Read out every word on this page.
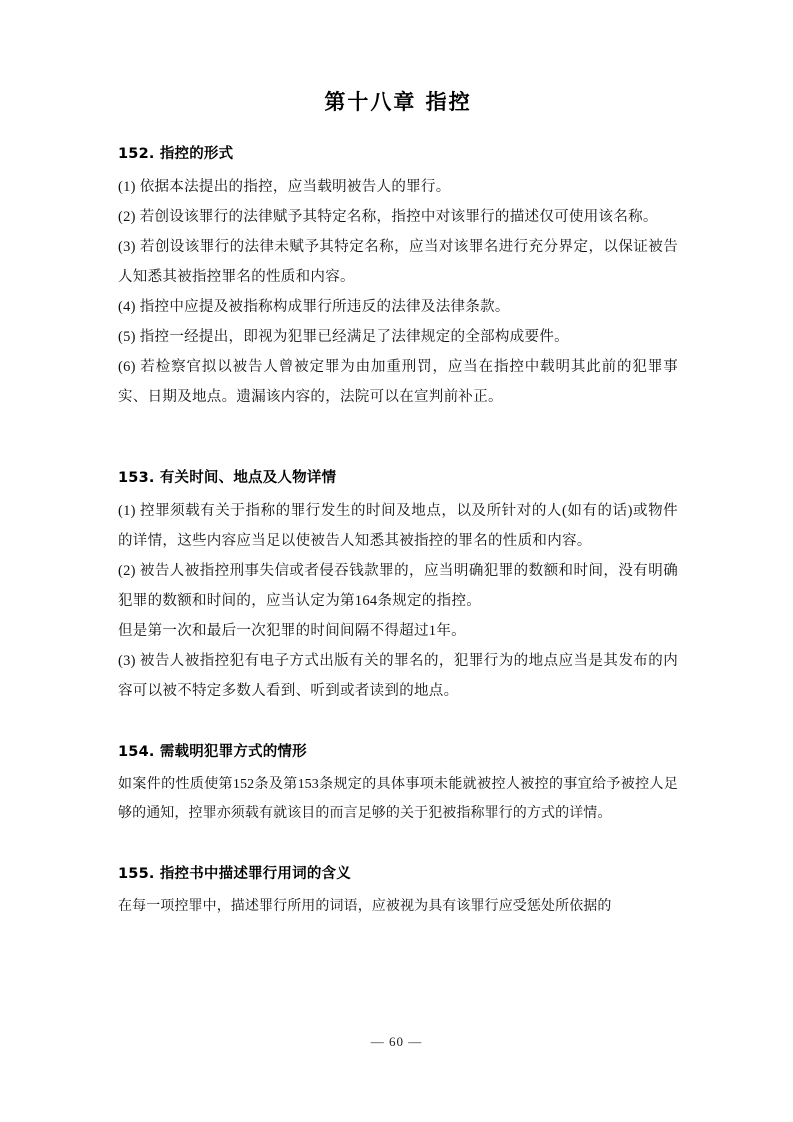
第十八章 指控
152. 指控的形式

(1) 依据本法提出的指控，应当载明被告人的罪行。

(2) 若创设该罪行的法律赋予其特定名称，指控中对该罪行的描述仅可使用该名称。

(3) 若创设该罪行的法律未赋予其特定名称，应当对该罪名进行充分界定，以保证被告人知悉其被指控罪名的性质和内容。

(4) 指控中应提及被指称构成罪行所违反的法律及法律条款。

(5) 指控一经提出，即视为犯罪已经满足了法律规定的全部构成要件。

(6) 若检察官拟以被告人曾被定罪为由加重刑罚，应当在指控中载明其此前的犯罪事实、日期及地点。遗漏该内容的，法院可以在宣判前补正。

153. 有关时间、地点及人物详情

(1) 控罪须载有关于指称的罪行发生的时间及地点，以及所针对的人(如有的话)或物件的详情，这些内容应当足以使被告人知悉其被指控的罪名的性质和内容。

(2) 被告人被指控刑事失信或者侵吞钱款罪的，应当明确犯罪的数额和时间，没有明确犯罪的数额和时间的，应当认定为第164条规定的指控。

但是第一次和最后一次犯罪的时间间隔不得超过1年。

(3) 被告人被指控犯有电子方式出版有关的罪名的，犯罪行为的地点应当是其发布的内容可以被不特定多数人看到、听到或者读到的地点。

154. 需载明犯罪方式的情形

如案件的性质使第152条及第153条规定的具体事项未能就被控人被控的事宜给予被控人足够的通知，控罪亦须载有就该目的而言足够的关于犯被指称罪行的方式的详情。

155. 指控书中描述罪行用词的含义

在每一项控罪中，描述罪行所用的词语，应被视为具有该罪行应受惩处所依据的

— 60 —
